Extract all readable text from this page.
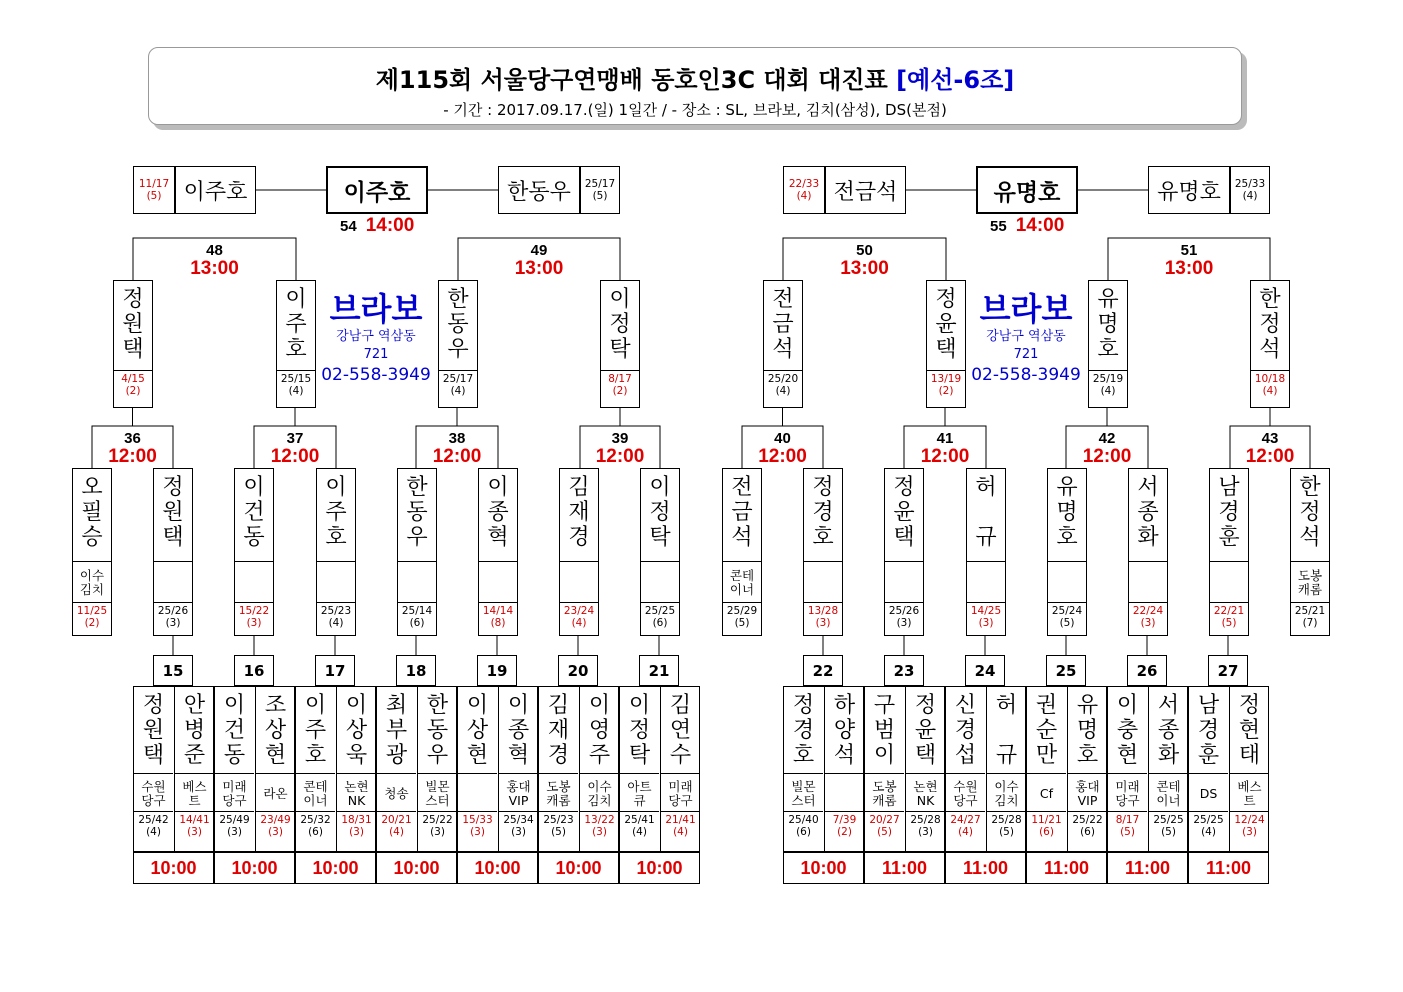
제115회 서울당구연맹배 동호인3C 대회 대진표 [예선-6조]
- 기간 : 2017.09.17.(일) 1일간 / - 장소 : SL, 브라보, 김치(삼성), DS(본점)
11/17
(5)	이주호	한동우	25/17
(5)
이주호
54 14:00
48
13:00
49
13:00
정
원
택
4/15
(2)
이
주
호
25/15
(4)
한
동
우
25/17
(4)
이
정
탁
8/17
(2)
36
12:00
37
12:00
38
12:00
39
12:00
오
필
승
이수
김치
11/25
(2)
정
원
택
25/26
(3)
이
건
동
15/22
(3)
이
주
호
25/23
(4)
한
동
우
25/14
(6)
이
종
혁
14/14
(8)
김
재
경
23/24
(4)
이
정
탁
25/25
(6)
22/33
(4)	전금석	유명호	25/33
(4)
유명호
55 14:00
50
13:00
51
13:00
전
금
석
25/20
(4)
정
윤
택
13/19
(2)
유
명
호
25/19
(4)
한
정
석
10/18
(4)
40
12:00
41
12:00
42
12:00
43
12:00
전
금
석
콘테
이너
25/29
(5)
정
경
호
13/28
(3)
정
윤
택
25/26
(3)
허

규
14/25
(3)
유
명
호
25/24
(5)
서
종
화
22/24
(3)
남
경
훈
22/21
(5)
한
정
석
도봉
캐롬
25/21
(7)
브라보
강남구 역삼동
721
02-558-3949
브라보
강남구 역삼동
721
02-558-3949
정
원
택
수원
당구
25/42
(4)
안
병
준
베스
트
14/41
(3)
10:00
15
이
건
동
미래
당구
25/49
(3)
조
상
현
라온
23/49
(3)
10:00
16
이
주
호
콘테
이너
25/32
(6)
이
상
욱
논현
NK
18/31
(3)
10:00
17
최
부
광
청송
20/21
(4)
한
동
우
빌몬
스터
25/22
(3)
10:00
18
이
상
현
15/33
(3)
이
종
혁
홍대
VIP
25/34
(3)
10:00
19
김
재
경
도봉
캐롬
25/23
(5)
이
영
주
이수
김치
13/22
(3)
10:00
20
이
정
탁
아트
큐
25/41
(4)
김
연
수
미래
당구
21/41
(4)
10:00
21
정
경
호
빌몬
스터
25/40
(6)
하
양
석
7/39
(2)
10:00
22
구
범
이
도봉
캐롬
20/27
(5)
정
윤
택
논현
NK
25/28
(3)
11:00
23
신
경
섭
수원
당구
24/27
(4)
허

규
이수
김치
25/28
(5)
11:00
24
권
순
만
Cf
11/21
(6)
유
명
호
홍대
VIP
25/22
(6)
11:00
25
이
충
현
미래
당구
8/17
(5)
서
종
화
콘테
이너
25/25
(5)
11:00
26
남
경
훈
DS
25/25
(4)
정
현
태
베스
트
12/24
(3)
11:00
27
